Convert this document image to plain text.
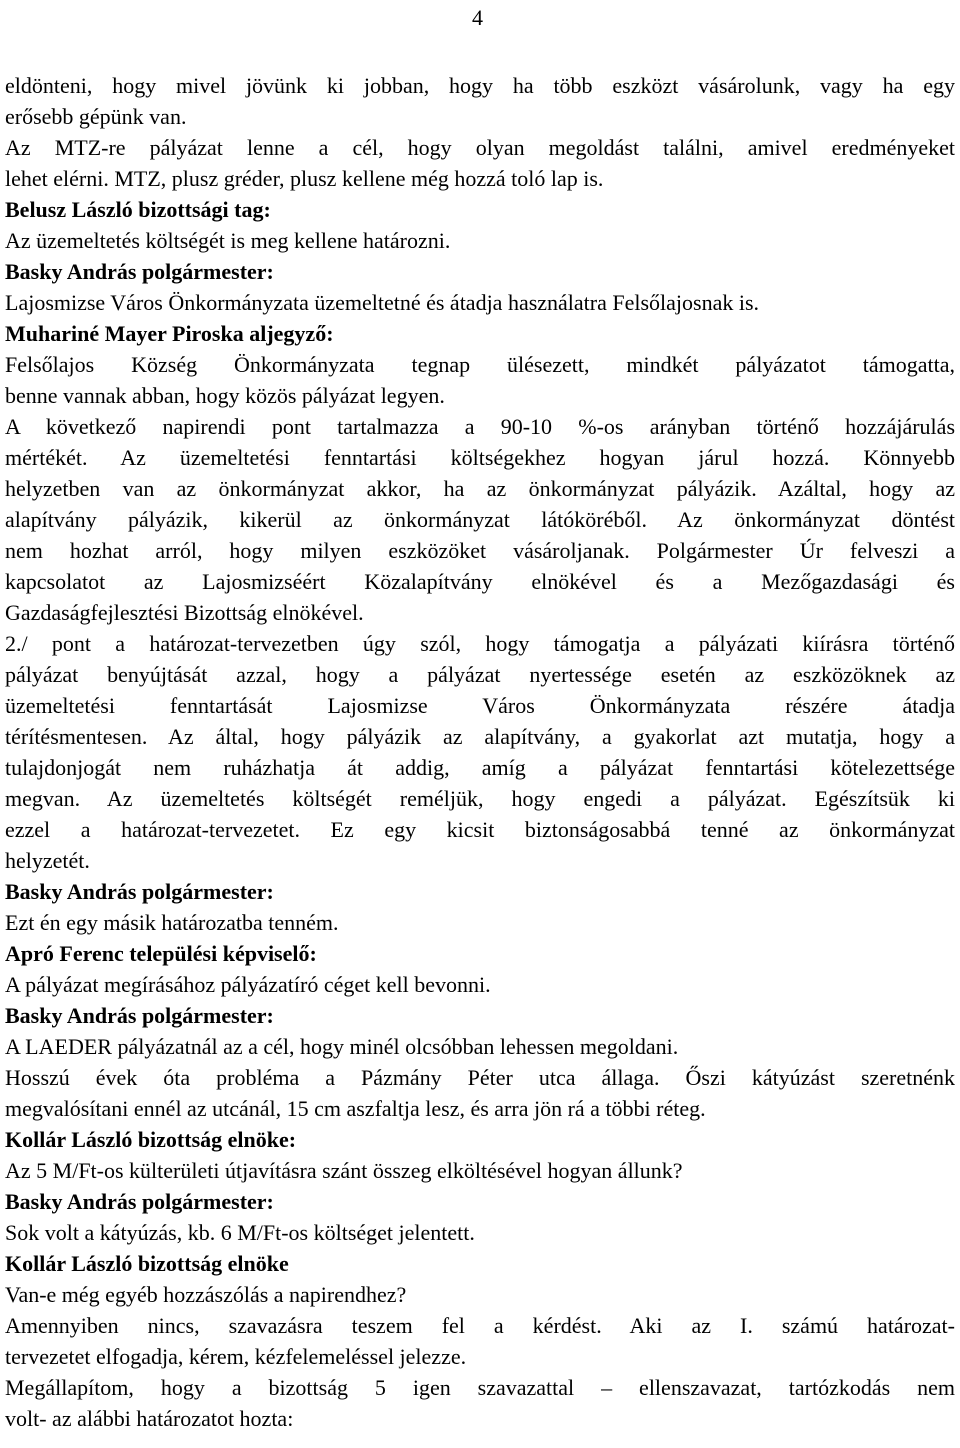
4
eldönteni, hogy mivel jövünk ki jobban, hogy ha több eszközt vásárolunk, vagy ha egy
erősebb gépünk van.
Az MTZ-re pályázat lenne a cél, hogy olyan megoldást találni, amivel eredményeket
lehet elérni. MTZ, plusz gréder, plusz kellene még hozzá toló lap is.
Belusz László bizottsági tag:
Az üzemeltetés költségét is meg kellene határozni.
Basky András polgármester:
Lajosmizse Város Önkormányzata üzemeltetné és átadja használatra Felsőlajosnak is.
Muhariné Mayer Piroska aljegyző:
Felsőlajos Község Önkormányzata tegnap ülésezett, mindkét pályázatot támogatta,
benne vannak abban, hogy közös pályázat legyen.
A következő napirendi pont tartalmazza a 90-10 %-os arányban történő hozzájárulás
mértékét. Az üzemeltetési fenntartási költségekhez hogyan járul hozzá. Könnyebb
helyzetben van az önkormányzat akkor, ha az önkormányzat pályázik. Azáltal, hogy az
alapítvány pályázik, kikerül az önkormányzat látóköréből. Az önkormányzat döntést
nem hozhat arról, hogy milyen eszközöket vásároljanak. Polgármester Úr felveszi a
kapcsolatot az Lajosmizséért Közalapítvány elnökével és a Mezőgazdasági és
Gazdaságfejlesztési Bizottság elnökével.
2./ pont a határozat-tervezetben úgy szól, hogy támogatja a pályázati kiírásra történő
pályázat benyújtását azzal, hogy a pályázat nyertessége esetén az eszközöknek az
üzemeltetési fenntartását Lajosmizse Város Önkormányzata részére átadja
térítésmentesen. Az által, hogy pályázik az alapítvány, a gyakorlat azt mutatja, hogy a
tulajdonjogát nem ruházhatja át addig, amíg a pályázat fenntartási kötelezettsége
megvan. Az üzemeltetés költségét reméljük, hogy engedi a pályázat. Egészítsük ki
ezzel a határozat-tervezetet. Ez egy kicsit biztonságosabbá tenné az önkormányzat
helyzetét.
Basky András polgármester:
Ezt én egy másik határozatba tenném.
Apró Ferenc települési képviselő:
A pályázat megírásához pályázatíró céget kell bevonni.
Basky András polgármester:
A LAEDER pályázatnál az a cél, hogy minél olcsóbban lehessen megoldani.
Hosszú évek óta probléma a Pázmány Péter utca állaga. Őszi kátyúzást szeretnénk
megvalósítani ennél az utcánál, 15 cm aszfaltja lesz, és arra jön rá a többi réteg.
Kollár László bizottság elnöke:
Az 5 M/Ft-os külterületi útjavításra szánt összeg elköltésével hogyan állunk?
Basky András polgármester:
Sok volt a kátyúzás, kb. 6 M/Ft-os költséget jelentett.
Kollár László bizottság elnöke
Van-e még egyéb hozzászólás a napirendhez?
Amennyiben nincs, szavazásra teszem fel a kérdést. Aki az I. számú határozat-
tervezetet elfogadja, kérem, kézfelemeléssel jelezze.
Megállapítom, hogy a bizottság 5 igen szavazattal – ellenszavazat, tartózkodás nem
volt- az alábbi határozatot hozta:
